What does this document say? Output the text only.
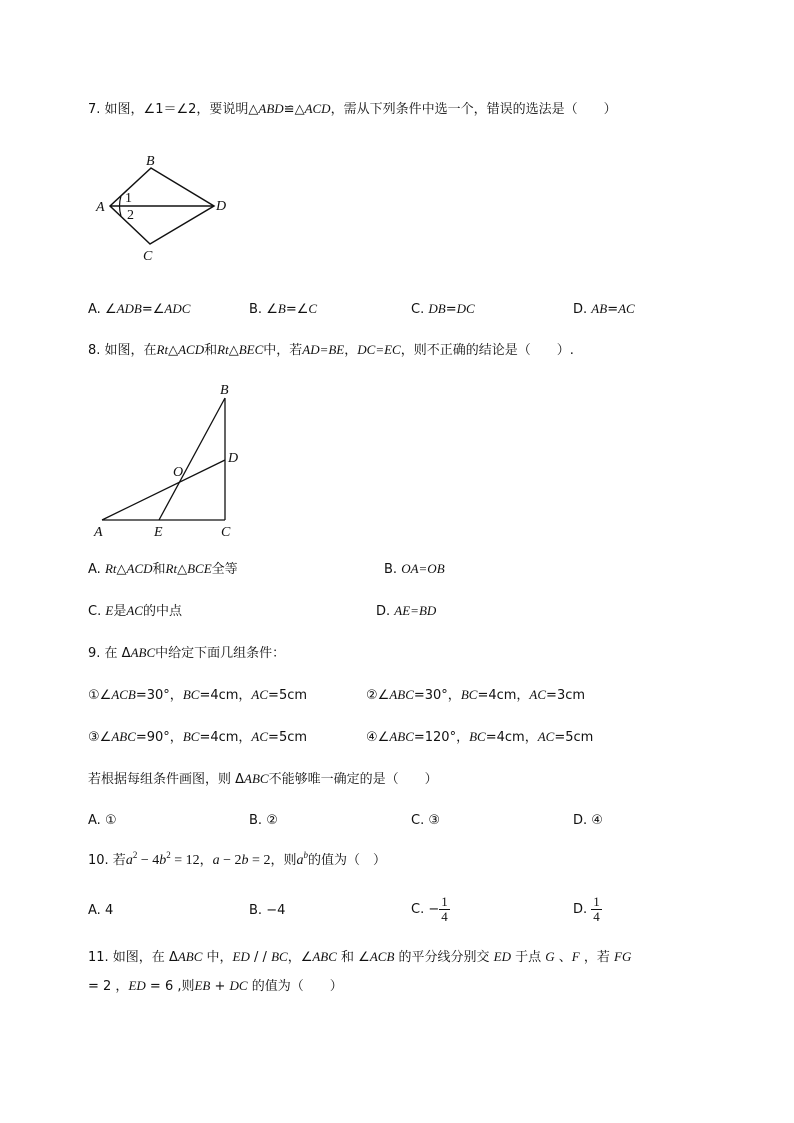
7. 如图，∠1＝∠2，要说明△ABD≌△ACD，需从下列条件中选一个，错误的选法是（　　）
B
A	D
C
1
2
A. ∠ADB=∠ADC	B. ∠B=∠C	C. DB=DC	D. AB=AC
8. 如图，在Rt△ACD和Rt△BEC中，若AD=BE，DC=EC，则不正确的结论是（　　）.
B
O
D
A	E	C
A. Rt△ACD和Rt△BCE全等	B. OA=OB
C. E是AC的中点	D. AE=BD
9. 在 ΔABC中给定下面几组条件：
①∠ACB=30°，BC=4cm，AC=5cm	②∠ABC=30°，BC=4cm，AC=3cm
③∠ABC=90°，BC=4cm，AC=5cm	④∠ABC=120°，BC=4cm，AC=5cm
若根据每组条件画图，则 ΔABC不能够唯一确定的是（　　）
A. ①	B. ②	C. ③	D. ④
10. 若$a^2 - 4b^2 = 12$，a − 2b = 2，则$a^b$的值为（　）
A. 4	B. −4	C. − $\frac{1}{4}$	D. $\frac{1}{4}$
11. 如图，在 ΔABC 中，ED / / BC，∠ABC 和 ∠ACB 的平分线分别交 ED 于点 G 、F ，若 FG
= 2 ，ED = 6 ,则EB + DC 的值为（　　）
